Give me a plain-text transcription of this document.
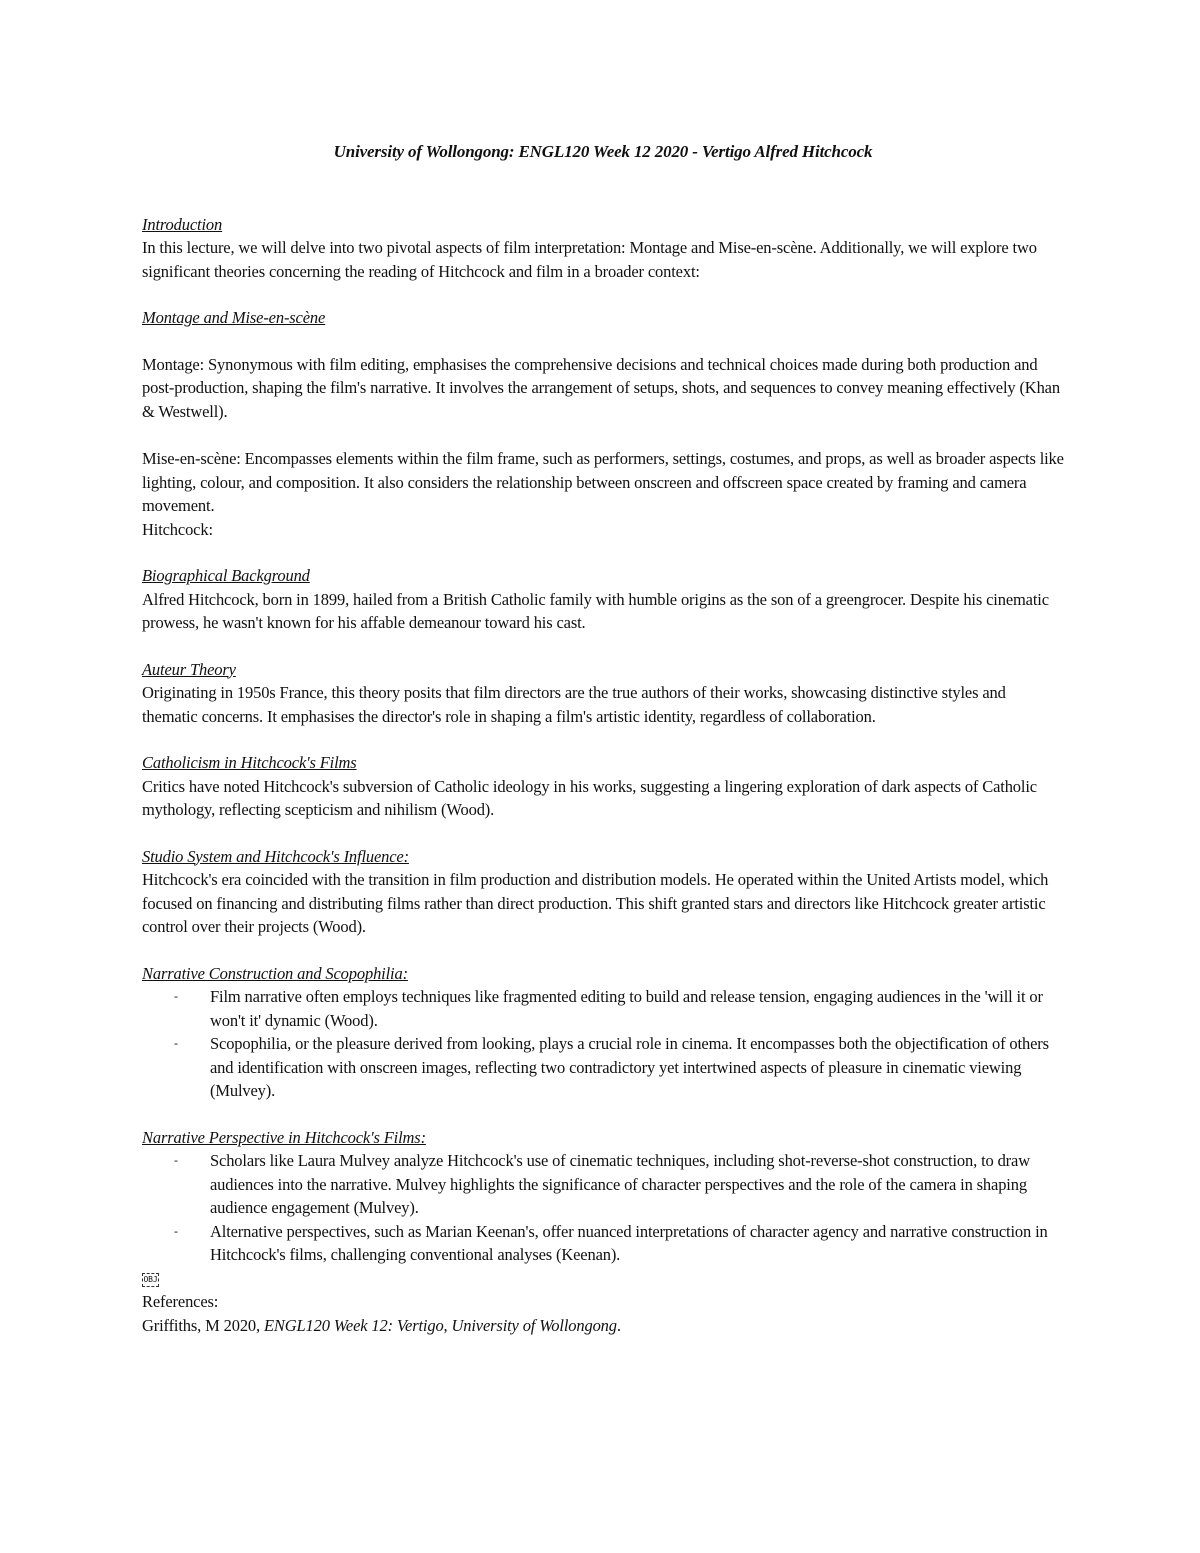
University of Wollongong: ENGL120 Week 12 2020 - Vertigo Alfred Hitchcock

Introduction

In this lecture, we will delve into two pivotal aspects of film interpretation: Montage and Mise-en-scène. Additionally, we will explore two significant theories concerning the reading of Hitchcock and film in a broader context:

Montage and Mise-en-scène

Montage: Synonymous with film editing, emphasises the comprehensive decisions and technical choices made during both production and post-production, shaping the film's narrative. It involves the arrangement of setups, shots, and sequences to convey meaning effectively (Khan & Westwell).

Mise-en-scène: Encompasses elements within the film frame, such as performers, settings, costumes, and props, as well as broader aspects like lighting, colour, and composition. It also considers the relationship between onscreen and offscreen space created by framing and camera movement.

Hitchcock:

Biographical Background

Alfred Hitchcock, born in 1899, hailed from a British Catholic family with humble origins as the son of a greengrocer. Despite his cinematic prowess, he wasn't known for his affable demeanour toward his cast.

Auteur Theory

Originating in 1950s France, this theory posits that film directors are the true authors of their works, showcasing distinctive styles and thematic concerns. It emphasises the director's role in shaping a film's artistic identity, regardless of collaboration.

Catholicism in Hitchcock's Films

Critics have noted Hitchcock's subversion of Catholic ideology in his works, suggesting a lingering exploration of dark aspects of Catholic mythology, reflecting scepticism and nihilism (Wood).

Studio System and Hitchcock's Influence:

Hitchcock's era coincided with the transition in film production and distribution models. He operated within the United Artists model, which focused on financing and distributing films rather than direct production. This shift granted stars and directors like Hitchcock greater artistic control over their projects (Wood).

Narrative Construction and Scopophilia:

‐ Film narrative often employs techniques like fragmented editing to build and release tension, engaging audiences in the 'will it or won't it' dynamic (Wood).
‐ Scopophilia, or the pleasure derived from looking, plays a crucial role in cinema. It encompasses both the objectification of others and identification with onscreen images, reflecting two contradictory yet intertwined aspects of pleasure in cinematic viewing (Mulvey).

Narrative Perspective in Hitchcock's Films:

‐ Scholars like Laura Mulvey analyze Hitchcock's use of cinematic techniques, including shot-reverse-shot construction, to draw audiences into the narrative. Mulvey highlights the significance of character perspectives and the role of the camera in shaping audience engagement (Mulvey).
‐ Alternative perspectives, such as Marian Keenan's, offer nuanced interpretations of character agency and narrative construction in Hitchcock's films, challenging conventional analyses (Keenan).

OBJ

References:

Griffiths, M 2020, ENGL120 Week 12: Vertigo, University of Wollongong.
